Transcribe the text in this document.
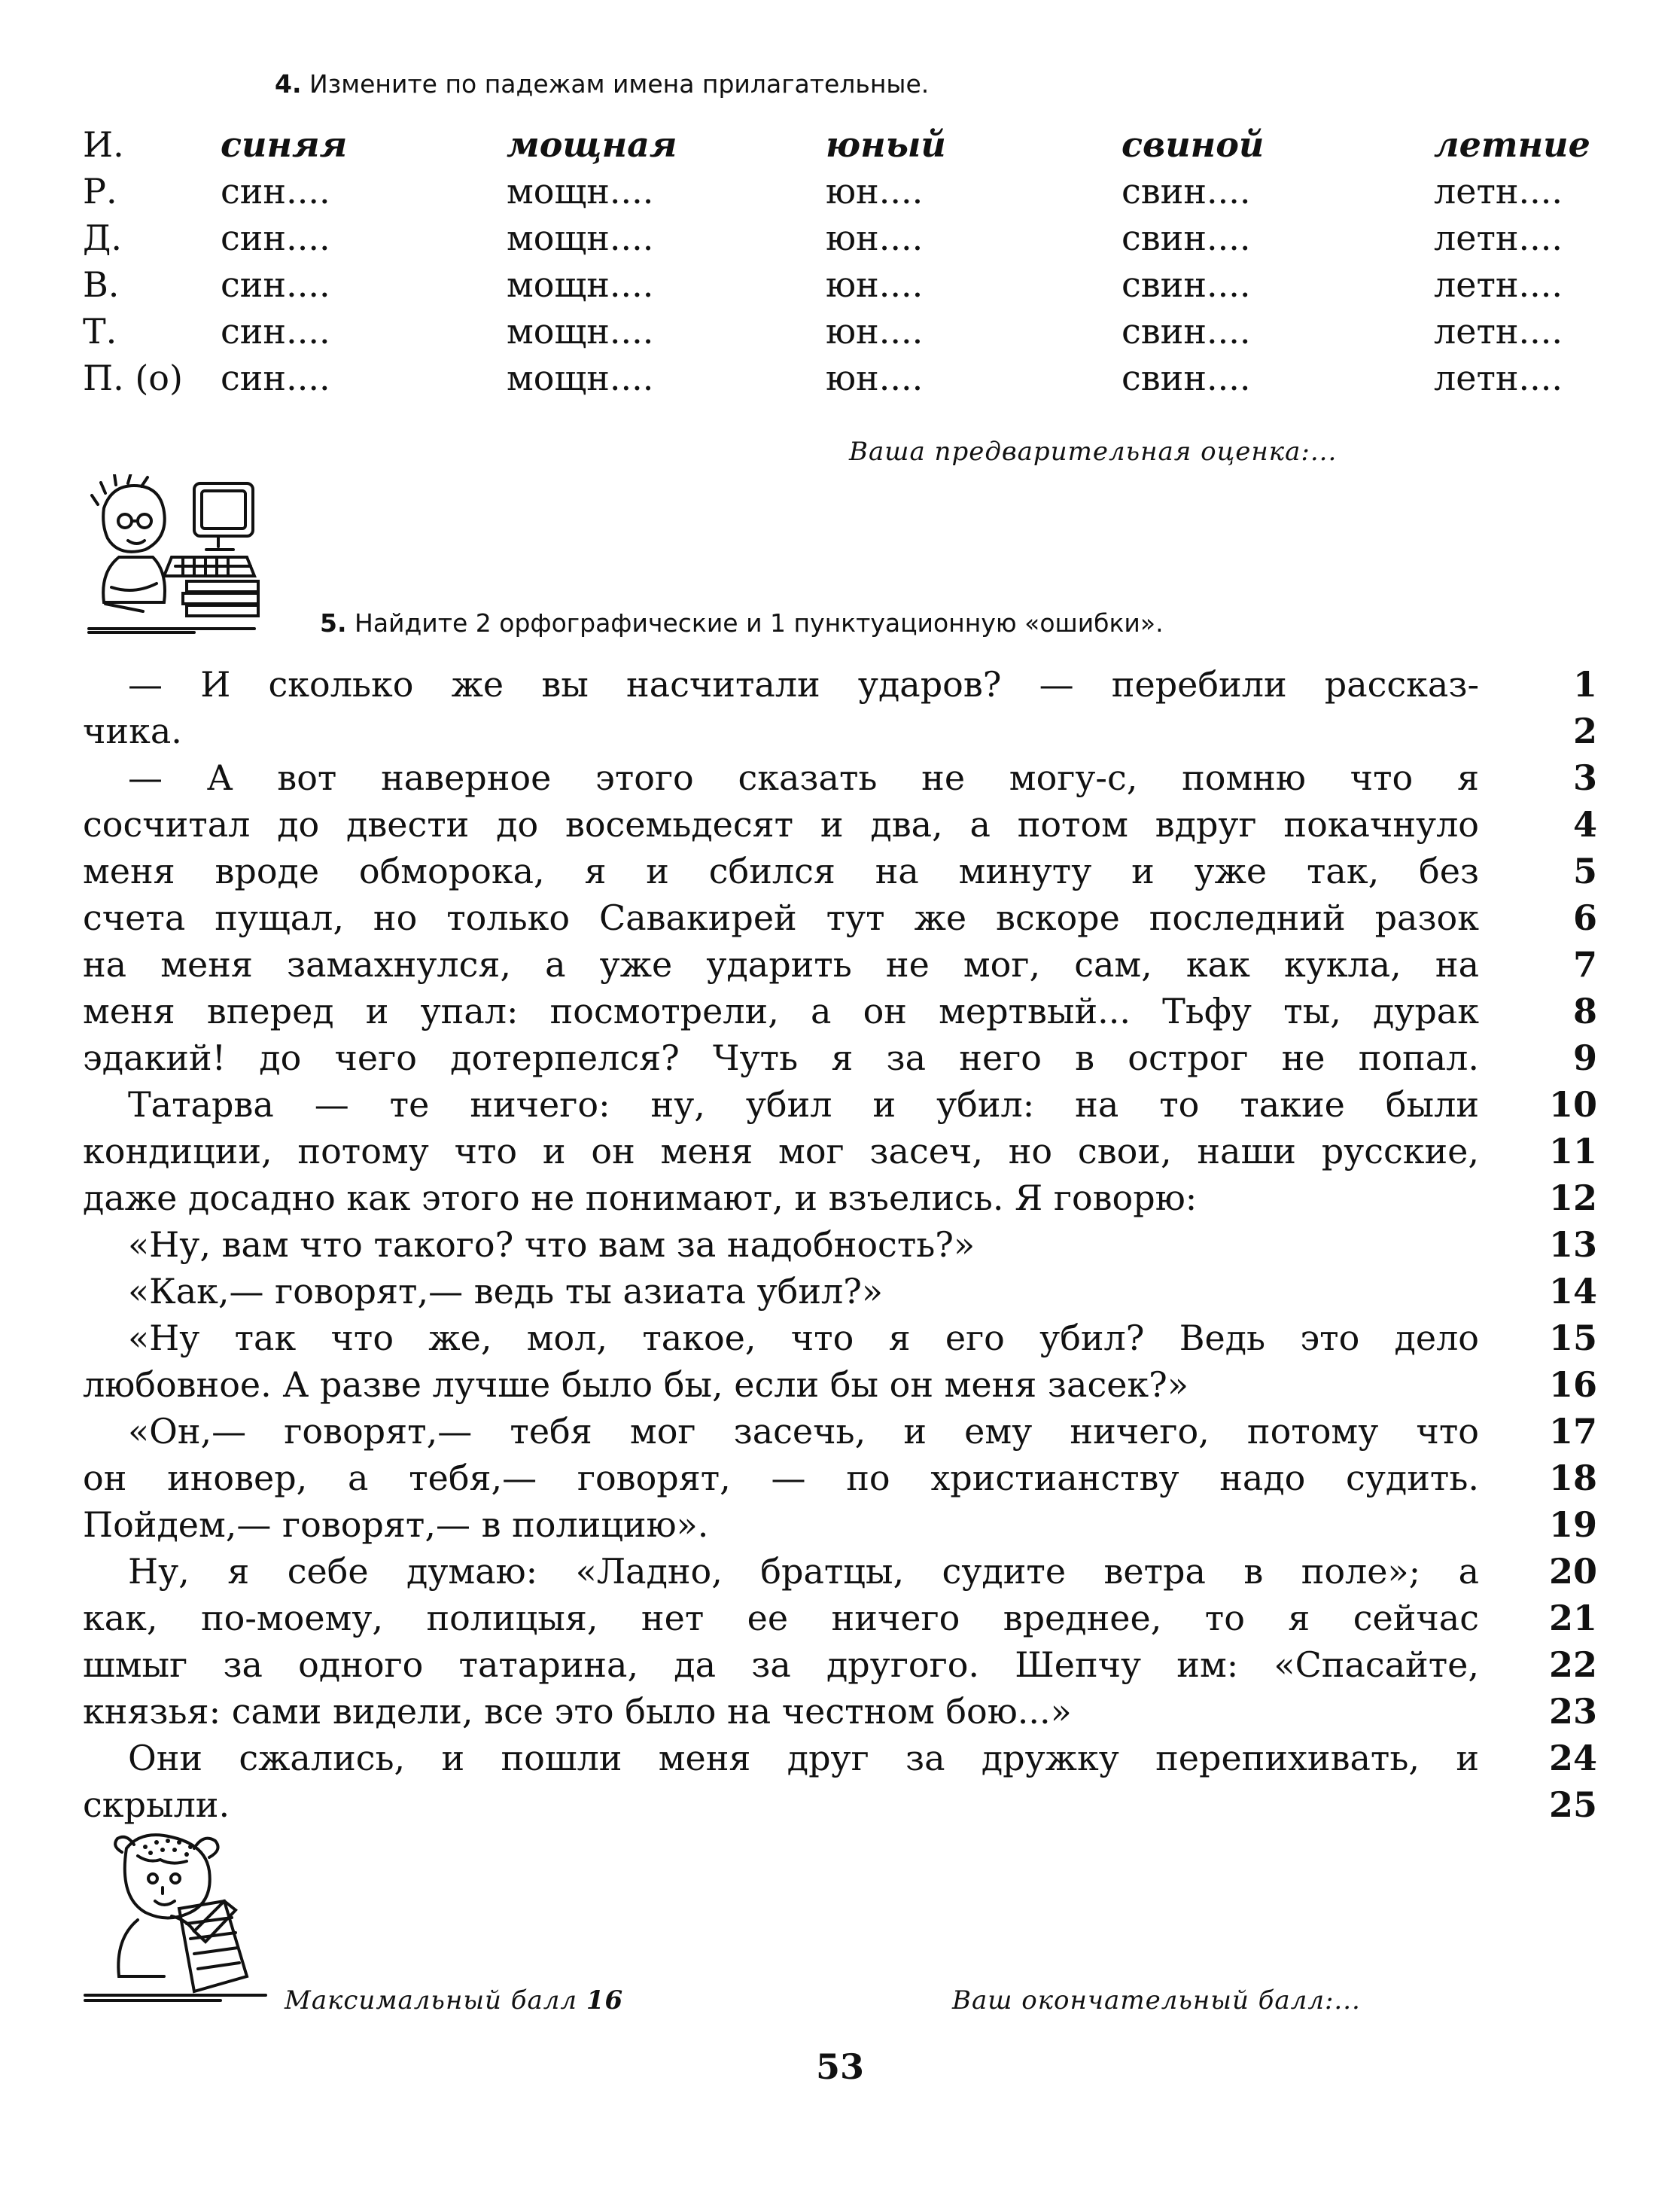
4. Измените по падежам имена прилагательные.
И.	синяя	мощная	юный	свиной	летние
Р.	син....	мощн....	юн....	свин....	летн....
Д.	син....	мощн....	юн....	свин....	летн....
В.	син....	мощн....	юн....	свин....	летн....
Т.	син....	мощн....	юн....	свин....	летн....
П. (о) син....	мощн....	юн....	свин....	летн....
Ваша предварительная оценка:...
5. Найдите 2 орфографические и 1 пунктуационную «ошибки».
— И сколько же вы насчитали ударов? — перебили рассказ-	1
чика.	2
— А вот наверное этого сказать не могу-с, помню что я	3
сосчитал до двести до восемьдесят и два, а потом вдруг покачнуло	4
меня вроде обморока, я и сбился на минуту и уже так, без	5
счета пущал, но только Савакирей тут же вскоре последний разок	6
на меня замахнулся, а уже ударить не мог, сам, как кукла, на	7
меня вперед и упал: посмотрели, а он мертвый... Тьфу ты, дурак	8
эдакий! до чего дотерпелся? Чуть я за него в острог не попал.	9
Татарва — те ничего: ну, убил и убил: на то такие были	10
кондиции, потому что и он меня мог засеч, но свои, наши русские,	11
даже досадно как этого не понимают, и взъелись. Я говорю:	12
«Ну, вам что такого? что вам за надобность?»	13
«Как,— говорят,— ведь ты азиата убил?»	14
«Ну так что же, мол, такое, что я его убил? Ведь это дело	15
любовное. А разве лучше было бы, если бы он меня засек?»	16
«Он,— говорят,— тебя мог засечь, и ему ничего, потому что	17
он иновер, а тебя,— говорят, — по христианству надо судить.	18
Пойдем,— говорят,— в полицию».	19
Ну, я себе думаю: «Ладно, братцы, судите ветра в поле»; а	20
как, по-моему, полицыя, нет ее ничего вреднее, то я сейчас	21
шмыг за одного татарина, да за другого. Шепчу им: «Спасайте,	22
князья: сами видели, все это было на честном бою...»	23
Они сжались, и пошли меня друг за дружку перепихивать, и	24
скрыли.	25
Максимальный балл 16	Ваш окончательный балл:...
53
